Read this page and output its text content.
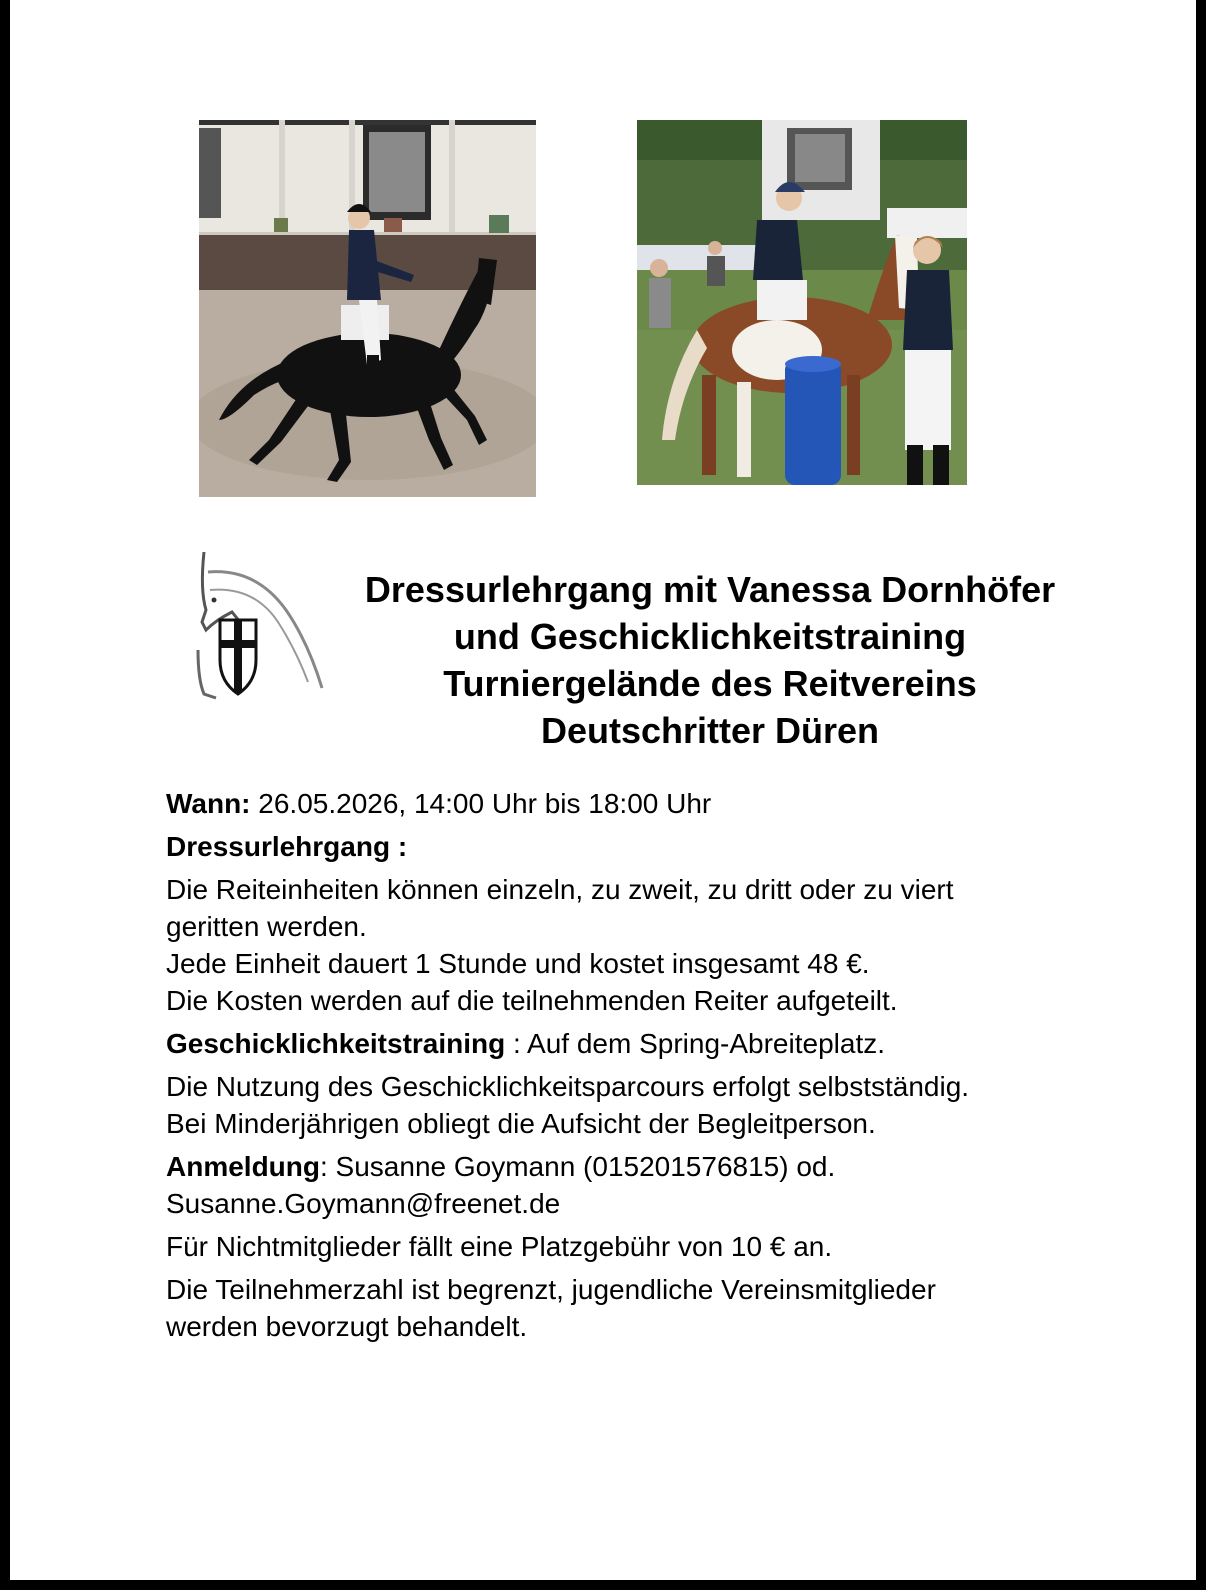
Dressurlehrgang mit Vanessa Dornhöfer
und Geschicklichkeitstraining
Turniergelände des Reitvereins
Deutschritter Düren

Wann: 26.05.2026, 14:00 Uhr bis 18:00 Uhr

Dressurlehrgang :

Die Reiteinheiten können einzeln, zu zweit, zu dritt oder zu viert
geritten werden.
Jede Einheit dauert 1 Stunde und kostet insgesamt 48 €.
Die Kosten werden auf die teilnehmenden Reiter aufgeteilt.

Geschicklichkeitstraining : Auf dem Spring-Abreiteplatz.

Die Nutzung des Geschicklichkeitsparcours erfolgt selbstständig.
Bei Minderjährigen obliegt die Aufsicht der Begleitperson.

Anmeldung: Susanne Goymann (015201576815) od.
Susanne.Goymann@freenet.de

Für Nichtmitglieder fällt eine Platzgebühr von 10 € an.

Die Teilnehmerzahl ist begrenzt, jugendliche Vereinsmitglieder
werden bevorzugt behandelt.
